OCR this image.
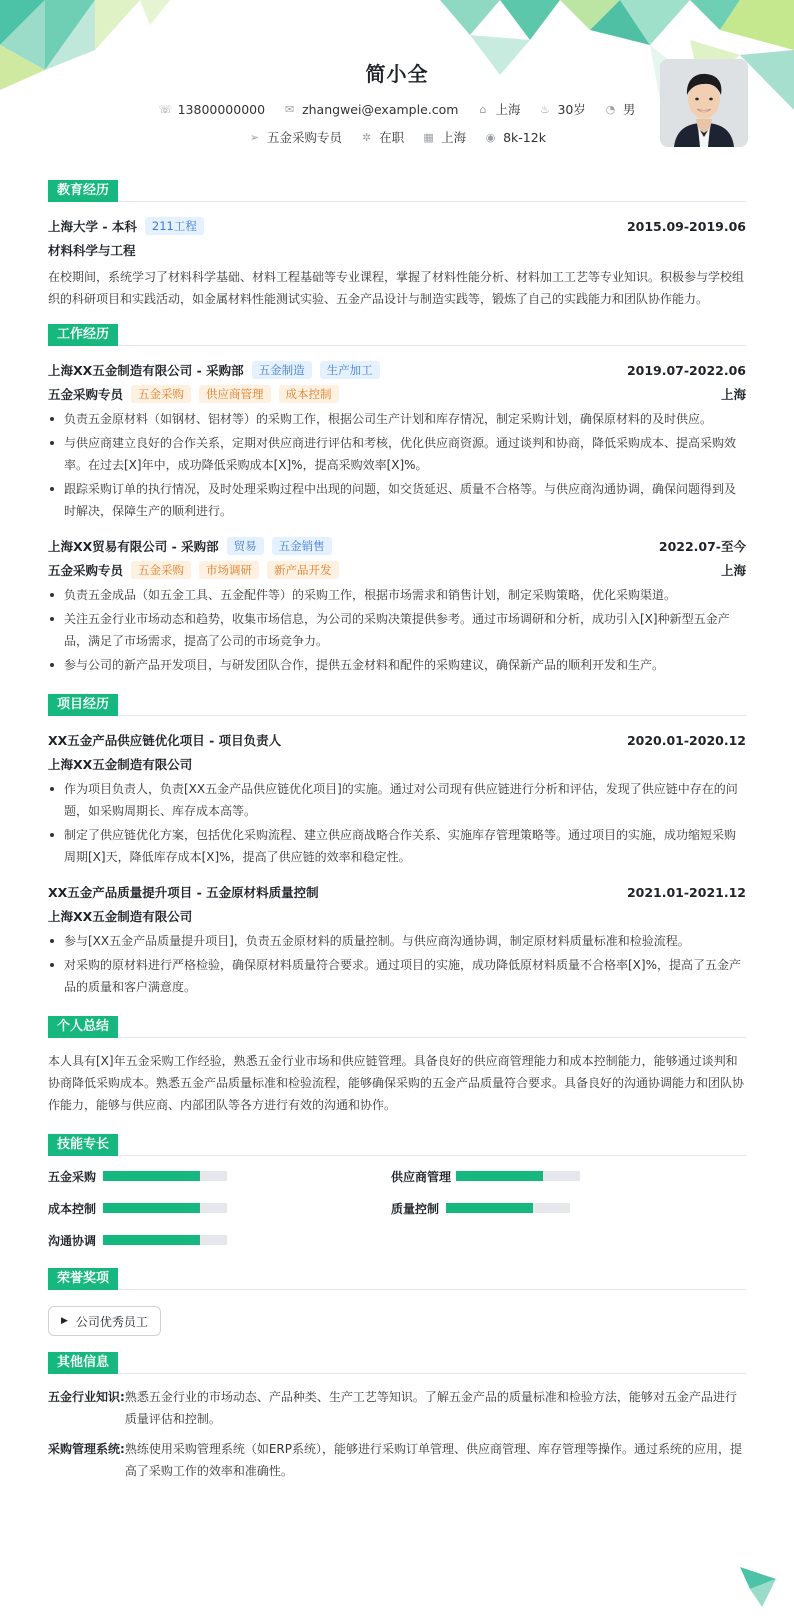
简小全
☏ 13800000000 ✉ zhangwei@example.com ⌂ 上海 ♨ 30岁 ◔ 男
➢ 五金采购专员 ✲ 在职 ▦ 上海 ◉ 8k-12k
教育经历
上海大学 - 本科	211工程	2015.09-2019.06
材料科学与工程
在校期间，系统学习了材料科学基础、材料工程基础等专业课程，掌握了材料性能分析、材料加工工艺等专业知识。积极参与学校组织的科研项目和实践活动，如金属材料性能测试实验、五金产品设计与制造实践等，锻炼了自己的实践能力和团队协作能力。
工作经历
上海XX五金制造有限公司 - 采购部	五金制造	生产加工	2019.07-2022.06
五金采购专员	五金采购	供应商管理	成本控制	上海
负责五金原材料（如钢材、铝材等）的采购工作，根据公司生产计划和库存情况，制定采购计划，确保原材料的及时供应。
与供应商建立良好的合作关系，定期对供应商进行评估和考核，优化供应商资源。通过谈判和协商，降低采购成本、提高采购效率。在过去[X]年中，成功降低采购成本[X]%，提高采购效率[X]%。
跟踪采购订单的执行情况，及时处理采购过程中出现的问题，如交货延迟、质量不合格等。与供应商沟通协调，确保问题得到及时解决，保障生产的顺利进行。
上海XX贸易有限公司 - 采购部	贸易	五金销售	2022.07-至今
五金采购专员	五金采购	市场调研	新产品开发	上海
负责五金成品（如五金工具、五金配件等）的采购工作，根据市场需求和销售计划，制定采购策略，优化采购渠道。
关注五金行业市场动态和趋势，收集市场信息，为公司的采购决策提供参考。通过市场调研和分析，成功引入[X]种新型五金产品，满足了市场需求，提高了公司的市场竞争力。
参与公司的新产品开发项目，与研发团队合作，提供五金材料和配件的采购建议，确保新产品的顺利开发和生产。
项目经历
XX五金产品供应链优化项目 - 项目负责人	2020.01-2020.12
上海XX五金制造有限公司
作为项目负责人，负责[XX五金产品供应链优化项目]的实施。通过对公司现有供应链进行分析和评估，发现了供应链中存在的问题，如采购周期长、库存成本高等。
制定了供应链优化方案，包括优化采购流程、建立供应商战略合作关系、实施库存管理策略等。通过项目的实施，成功缩短采购周期[X]天，降低库存成本[X]%，提高了供应链的效率和稳定性。
XX五金产品质量提升项目 - 五金原材料质量控制	2021.01-2021.12
上海XX五金制造有限公司
参与[XX五金产品质量提升项目]，负责五金原材料的质量控制。与供应商沟通协调，制定原材料质量标准和检验流程。
对采购的原材料进行严格检验，确保原材料质量符合要求。通过项目的实施，成功降低原材料质量不合格率[X]%，提高了五金产品的质量和客户满意度。
个人总结
本人具有[X]年五金采购工作经验，熟悉五金行业市场和供应链管理。具备良好的供应商管理能力和成本控制能力，能够通过谈判和协商降低采购成本。熟悉五金产品质量标准和检验流程，能够确保采购的五金产品质量符合要求。具备良好的沟通协调能力和团队协作能力，能够与供应商、内部团队等各方进行有效的沟通和协作。
技能专长
五金采购	供应商管理
成本控制	质量控制
沟通协调
荣誉奖项
▶ 公司优秀员工
其他信息
五金行业知识: 熟悉五金行业的市场动态、产品种类、生产工艺等知识。了解五金产品的质量标准和检验方法，能够对五金产品进行质量评估和控制。
采购管理系统: 熟练使用采购管理系统（如ERP系统），能够进行采购订单管理、供应商管理、库存管理等操作。通过系统的应用，提高了采购工作的效率和准确性。
